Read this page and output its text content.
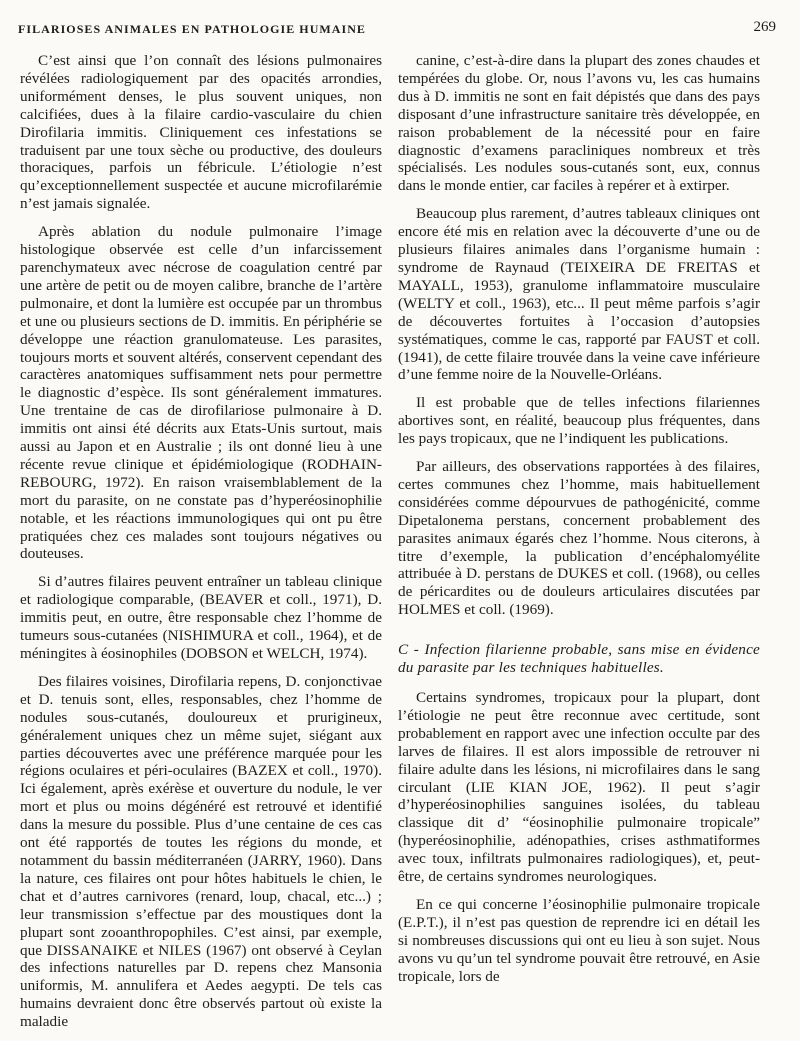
FILARIOSES ANIMALES EN PATHOLOGIE HUMAINE	269

C’est ainsi que l’on connaît des lésions pulmonaires révélées radiologiquement par des opacités arrondies, uniformément denses, le plus souvent uniques, non calcifiées, dues à la filaire cardio-vasculaire du chien Dirofilaria immitis. Cliniquement ces infestations se traduisent par une toux sèche ou productive, des douleurs thoraciques, parfois un fébricule. L’étiologie n’est qu’exceptionnellement suspectée et aucune microfilarémie n’est jamais signalée.

Après ablation du nodule pulmonaire l’image histologique observée est celle d’un infarcissement parenchymateux avec nécrose de coagulation centré par une artère de petit ou de moyen calibre, branche de l’artère pulmonaire, et dont la lumière est occupée par un thrombus et une ou plusieurs sections de D. immitis. En périphérie se développe une réaction granulomateuse. Les parasites, toujours morts et souvent altérés, conservent cependant des caractères anatomiques suffisamment nets pour permettre le diagnostic d’espèce. Ils sont généralement immatures. Une trentaine de cas de dirofilariose pulmonaire à D. immitis ont ainsi été décrits aux Etats-Unis surtout, mais aussi au Japon et en Australie ; ils ont donné lieu à une récente revue clinique et épidémiologique (RODHAIN-REBOURG, 1972). En raison vraisemblablement de la mort du parasite, on ne constate pas d’hyperéosinophilie notable, et les réactions immunologiques qui ont pu être pratiquées chez ces malades sont toujours négatives ou douteuses.

Si d’autres filaires peuvent entraîner un tableau clinique et radiologique comparable, (BEAVER et coll., 1971), D. immitis peut, en outre, être responsable chez l’homme de tumeurs sous-cutanées (NISHIMURA et coll., 1964), et de méningites à éosinophiles (DOBSON et WELCH, 1974).

Des filaires voisines, Dirofilaria repens, D. conjonctivae et D. tenuis sont, elles, responsables, chez l’homme de nodules sous-cutanés, douloureux et prurigineux, généralement uniques chez un même sujet, siégant aux parties découvertes avec une préférence marquée pour les régions oculaires et péri-oculaires (BAZEX et coll., 1970). Ici également, après exérèse et ouverture du nodule, le ver mort et plus ou moins dégénéré est retrouvé et identifié dans la mesure du possible. Plus d’une centaine de ces cas ont été rapportés de toutes les régions du monde, et notamment du bassin méditerranéen (JARRY, 1960). Dans la nature, ces filaires ont pour hôtes habituels le chien, le chat et d’autres carnivores (renard, loup, chacal, etc...) ; leur transmission s’effectue par des moustiques dont la plupart sont zooanthropophiles. C’est ainsi, par exemple, que DISSANAIKE et NILES (1967) ont observé à Ceylan des infections naturelles par D. repens chez Mansonia uniformis, M. annulifera et Aedes aegypti. De tels cas humains devraient donc être observés partout où existe la maladie

canine, c’est-à-dire dans la plupart des zones chaudes et tempérées du globe. Or, nous l’avons vu, les cas humains dus à D. immitis ne sont en fait dépistés que dans des pays disposant d’une infrastructure sanitaire très développée, en raison probablement de la nécessité pour en faire diagnostic d’examens paracliniques nombreux et très spécialisés. Les nodules sous-cutanés sont, eux, connus dans le monde entier, car faciles à repérer et à extirper.

Beaucoup plus rarement, d’autres tableaux cliniques ont encore été mis en relation avec la découverte d’une ou de plusieurs filaires animales dans l’organisme humain : syndrome de Raynaud (TEIXEIRA DE FREITAS et MAYALL, 1953), granulome inflammatoire musculaire (WELTY et coll., 1963), etc... Il peut même parfois s’agir de découvertes fortuites à l’occasion d’autopsies systématiques, comme le cas, rapporté par FAUST et coll. (1941), de cette filaire trouvée dans la veine cave inférieure d’une femme noire de la Nouvelle-Orléans.

Il est probable que de telles infections filariennes abortives sont, en réalité, beaucoup plus fréquentes, dans les pays tropicaux, que ne l’indiquent les publications.

Par ailleurs, des observations rapportées à des filaires, certes communes chez l’homme, mais habituellement considérées comme dépourvues de pathogénicité, comme Dipetalonema perstans, concernent probablement des parasites animaux égarés chez l’homme. Nous citerons, à titre d’exemple, la publication d’encéphalomyélite attribuée à D. perstans de DUKES et coll. (1968), ou celles de péricardites ou de douleurs articulaires discutées par HOLMES et coll. (1969).

C - Infection filarienne probable, sans mise en évidence du parasite par les techniques habituelles.

Certains syndromes, tropicaux pour la plupart, dont l’étiologie ne peut être reconnue avec certitude, sont probablement en rapport avec une infection occulte par des larves de filaires. Il est alors impossible de retrouver ni filaire adulte dans les lésions, ni microfilaires dans le sang circulant (LIE KIAN JOE, 1962). Il peut s’agir d’hyperéosinophilies sanguines isolées, du tableau classique dit d’ “éosinophilie pulmonaire tropicale” (hyperéosinophilie, adénopathies, crises asthmatiformes avec toux, infiltrats pulmonaires radiologiques), et, peut-être, de certains syndromes neurologiques.

En ce qui concerne l’éosinophilie pulmonaire tropicale (E.P.T.), il n’est pas question de reprendre ici en détail les si nombreuses discussions qui ont eu lieu à son sujet. Nous avons vu qu’un tel syndrome pouvait être retrouvé, en Asie tropicale, lors de
